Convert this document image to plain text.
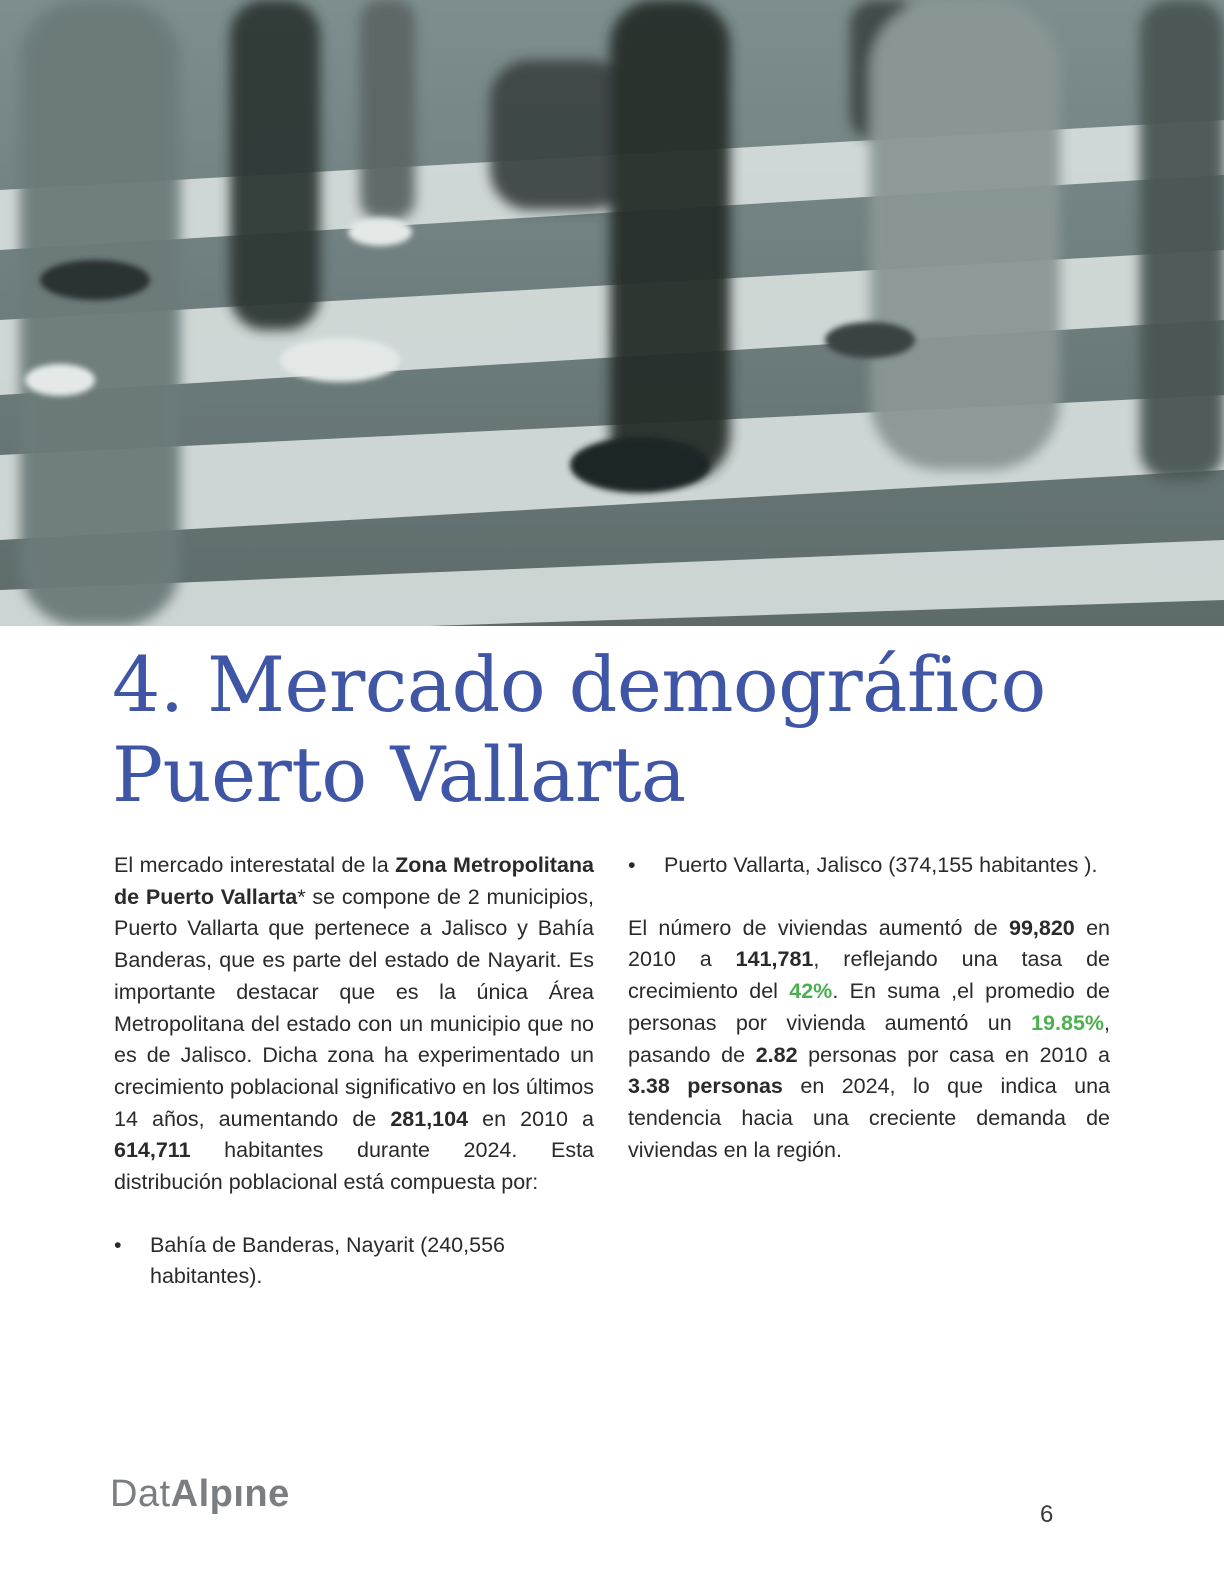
4. Mercado demográfico
Puerto Vallarta

El mercado interestatal de la Zona Metropolitana de Puerto Vallarta* se compone de 2 municipios, Puerto Vallarta que pertenece a Jalisco y Bahía Banderas, que es parte del estado de Nayarit. Es importante destacar que es la única Área Metropolitana del estado con un municipio que no es de Jalisco. Dicha zona ha experimentado un crecimiento poblacional significativo en los últimos 14 años, aumentando de 281,104 en 2010 a 614,711 habitantes durante 2024. Esta distribución poblacional está compuesta por:

• Bahía de Banderas, Nayarit (240,556 habitantes).

• Puerto Vallarta, Jalisco (374,155 habitantes ).

El número de viviendas aumentó de 99,820 en 2010 a 141,781, reflejando una tasa de crecimiento del 42%. En suma ,el promedio de personas por vivienda aumentó un 19.85%, pasando de 2.82 personas por casa en 2010 a 3.38 personas en 2024, lo que indica una tendencia hacia una creciente demanda de viviendas en la región.

DatAlpıne	6
